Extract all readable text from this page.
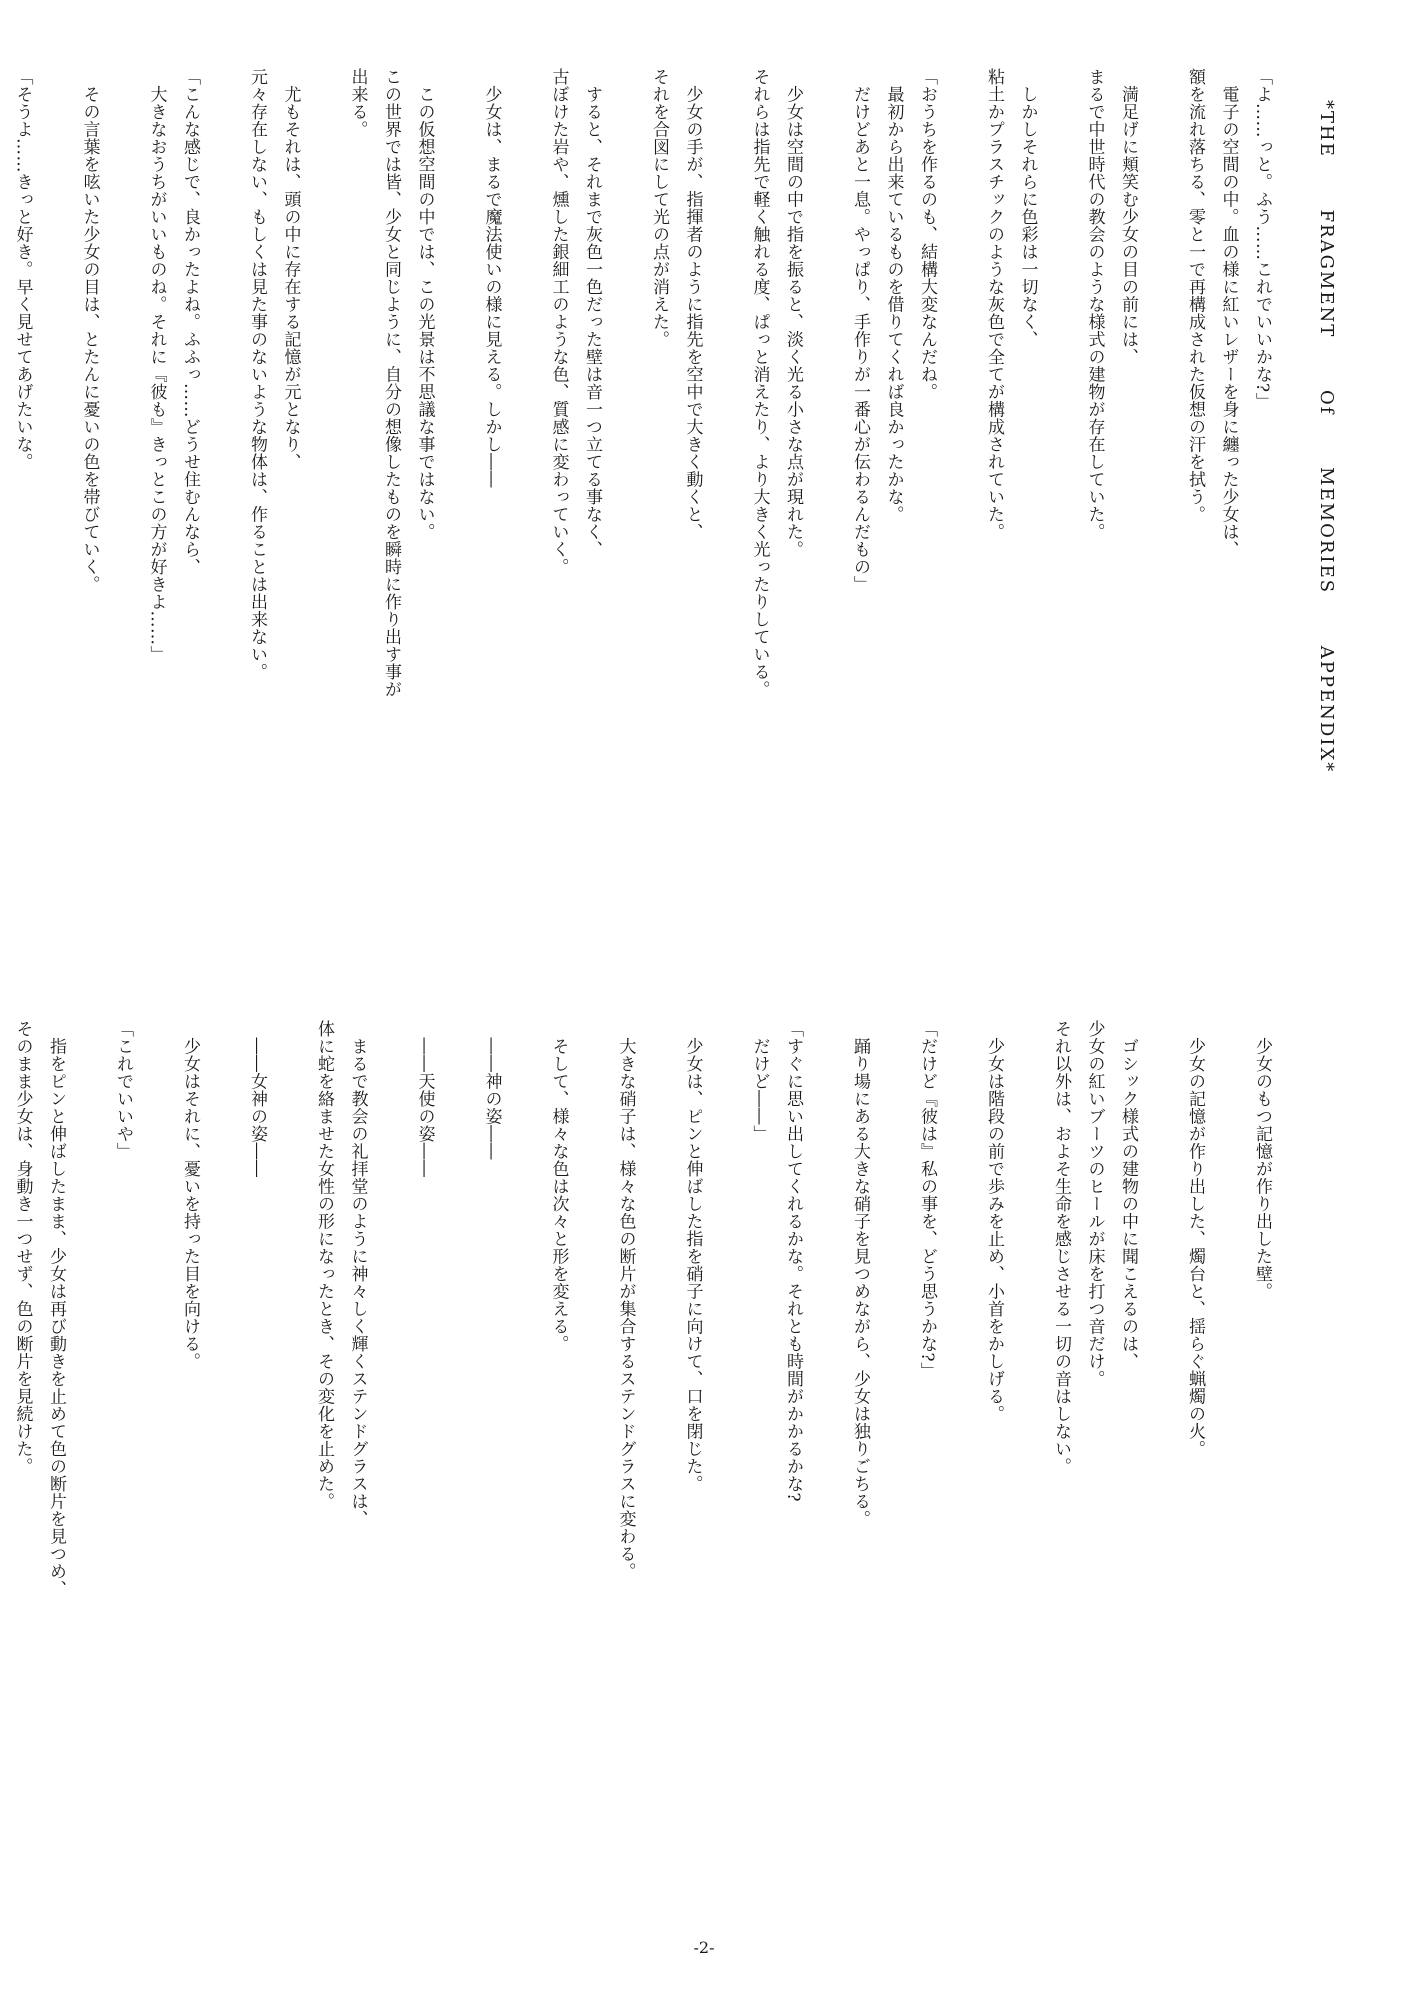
*THE FRAGMENT Of MEMORIES APPENDIX*
「よ……っと。ふう……これでいいかな?」
　電子の空間の中。血の様に紅いレザーを身に纏った少女は、
額を流れ落ちる、零と一で再構成された仮想の汗を拭う。

　満足げに頬笑む少女の目の前には、
まるで中世時代の教会のような様式の建物が存在していた。

　しかしそれらに色彩は一切なく、
粘土かプラスチックのような灰色で全てが構成されていた。

「おうちを作るのも、結構大変なんだね。
　最初から出来ているものを借りてくれば良かったかな。
　だけどあと一息。やっぱり、手作りが一番心が伝わるんだもの」

　少女は空間の中で指を振ると、淡く光る小さな点が現れた。
それらは指先で軽く触れる度、ぱっと消えたり、より大きく光ったりしている。

　少女の手が、指揮者のように指先を空中で大きく動くと、
それを合図にして光の点が消えた。

　すると、それまで灰色一色だった壁は音一つ立てる事なく、
古ぼけた岩や、燻した銀細工のような色、質感に変わっていく。

　少女は、まるで魔法使いの様に見える。しかし――

　この仮想空間の中では、この光景は不思議な事ではない。
この世界では皆、少女と同じように、自分の想像したものを瞬時に作り出す事が出来る。

　尤もそれは、頭の中に存在する記憶が元となり、
元々存在しない、もしくは見た事のないような物体は、作ることは出来ない。

「こんな感じで、良かったよね。ふふっ……どうせ住むんなら、
　大きなおうちがいいものね。それに『彼も』きっとこの方が好きよ……」

　その言葉を呟いた少女の目は、とたんに憂いの色を帯びていく。

「そうよ……きっと好き。早く見せてあげたいな。

　少女のもつ記憶が作り出した壁。

　少女の記憶が作り出した、燭台と、揺らぐ蝋燭の火。

　ゴシック様式の建物の中に聞こえるのは、
少女の紅いブーツのヒールが床を打つ音だけ。
それ以外は、およそ生命を感じさせる一切の音はしない。

　少女は階段の前で歩みを止め、小首をかしげる。

「だけど『彼は』私の事を、どう思うかな?」

　踊り場にある大きな硝子を見つめながら、少女は独りごちる。

「すぐに思い出してくれるかな。それとも時間がかかるかな?
　だけど――」

　少女は、ピンと伸ばした指を硝子に向けて、口を閉じた。

　大きな硝子は、様々な色の断片が集合するステンドグラスに変わる。

　そして、様々な色は次々と形を変える。

　――神の姿――

　――天使の姿――

　まるで教会の礼拝堂のように神々しく輝くステンドグラスは、
体に蛇を絡ませた女性の形になったとき、その変化を止めた。

　――女神の姿――

　少女はそれに、憂いを持った目を向ける。

「これでいいや」

　指をピンと伸ばしたまま、少女は再び動きを止めて色の断片を見つめ、
そのまま少女は、身動き一つせず、色の断片を見続けた。

-2-
